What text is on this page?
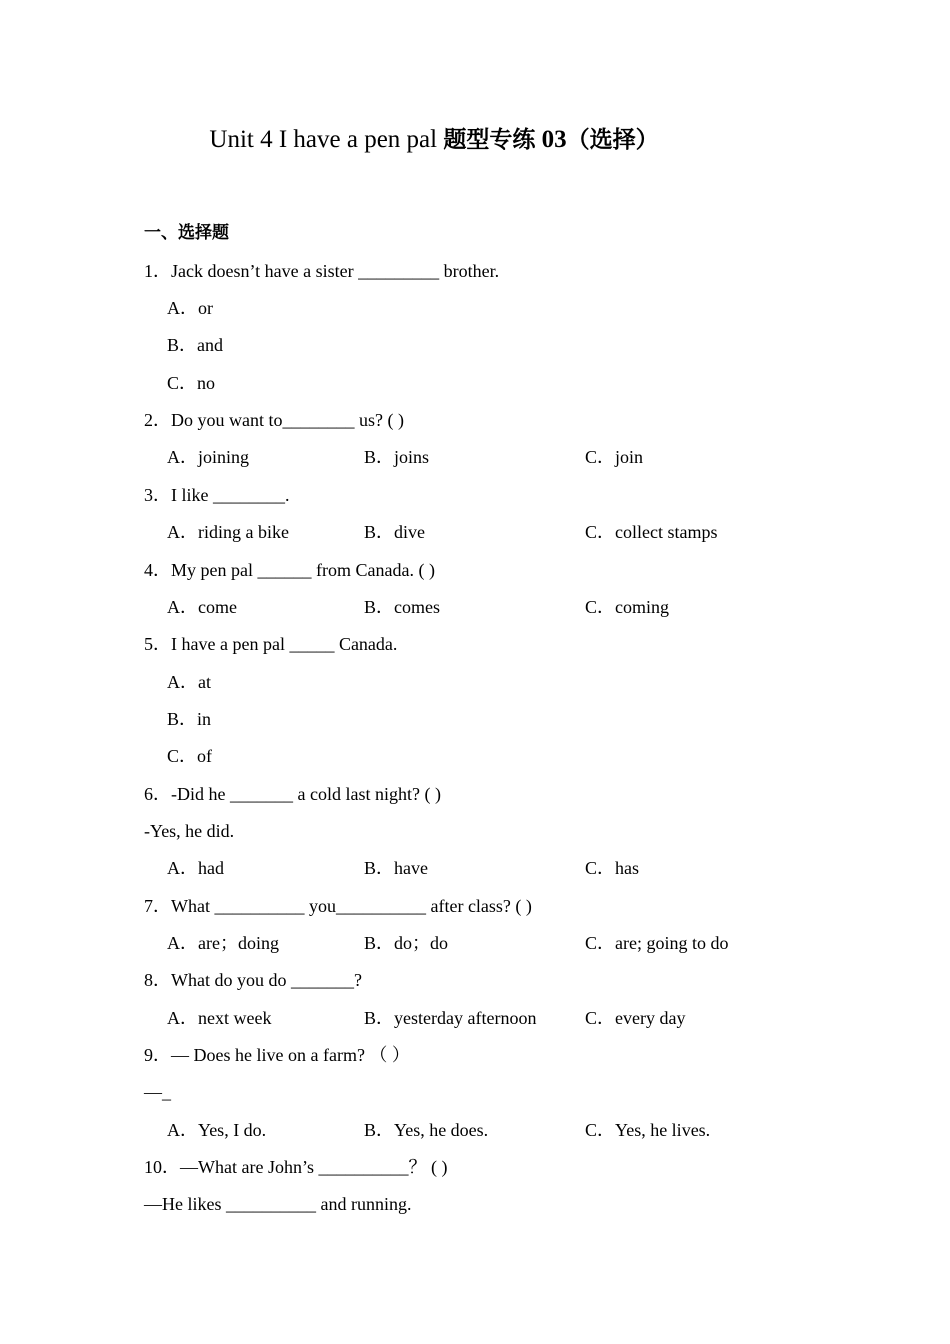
Unit 4 I have a pen pal 题型专练 03（选择）
一、选择题
1．Jack doesn’t have a sister _________ brother.
A．or
B．and
C．no
2．Do you want to________ us? ( )
A．joining	B．joins	C．join
3．I like ________.
A．riding a bike	B．dive	C．collect stamps
4．My pen pal ______ from Canada. ( )
A．come	B．comes	C．coming
5．I have a pen pal _____ Canada.
A．at
B．in
C．of
6．-Did he _______ a cold last night? ( )
-Yes, he did.
A．had	B．have	C．has
7．What __________ you__________ after class? ( )
A．are；doing	B．do；do	C．are; going to do
8．What do you do _______?
A．next week	B．yesterday afternoon	C．every day
9．— Does he live on a farm? （ ）
—_
A．Yes, I do.	B．Yes, he does.	C．Yes, he lives.
10．—What are John’s __________？ ( )
—He likes __________ and running.
